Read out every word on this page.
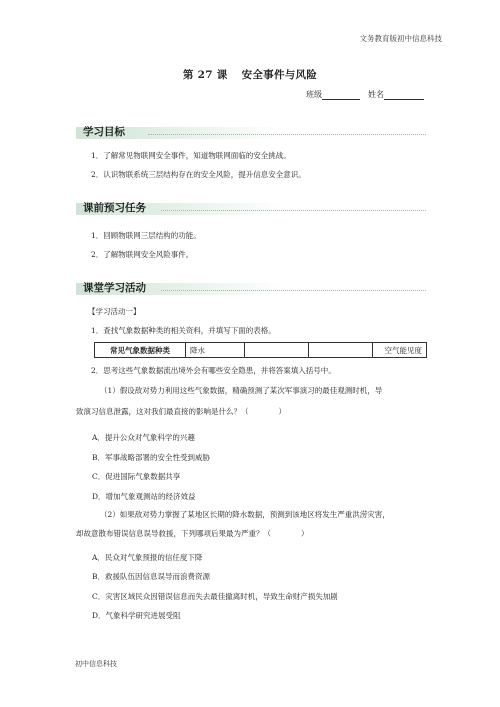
文务教育版初中信息科技
第 27 课 安全事件与风险
班级	姓名
学习目标
1．了解常见物联网安全事件，知道物联网面临的安全挑战。
2．认识物联系统三层结构存在的安全风险，提升信息安全意识。
课前预习任务
1．回顾物联网三层结构的功能。
2．了解物联网安全风险事件。
课堂学习活动
【学习活动一】
1．查找气象数据种类的相关资料，并填写下面的表格。
常见气象数据种类	降水			空气能见度
2．思考这些气象数据流出境外会有哪些安全隐患，并将答案填入括号中。
（1）假设敌对势力利用这些气象数据，精确预测了某次军事演习的最佳观测时机，导
致演习信息泄露，这对我们最直接的影响是什么？（　　　　）
A．提升公众对气象科学的兴趣
B．军事战略部署的安全性受到威胁
C．促进国际气象数据共享
D．增加气象观测站的经济效益
（2）如果敌对势力掌握了某地区长期的降水数据，预测到该地区将发生严重洪涝灾害，
却故意散布错误信息误导救援，下列哪项后果最为严重？（　　　　）
A．民众对气象预报的信任度下降
B．救援队伍因信息误导而浪费资源
C．灾害区域民众因错误信息而失去最佳撤离时机，导致生命财产损失加剧
D．气象科学研究进展受阻
初中信息科技
